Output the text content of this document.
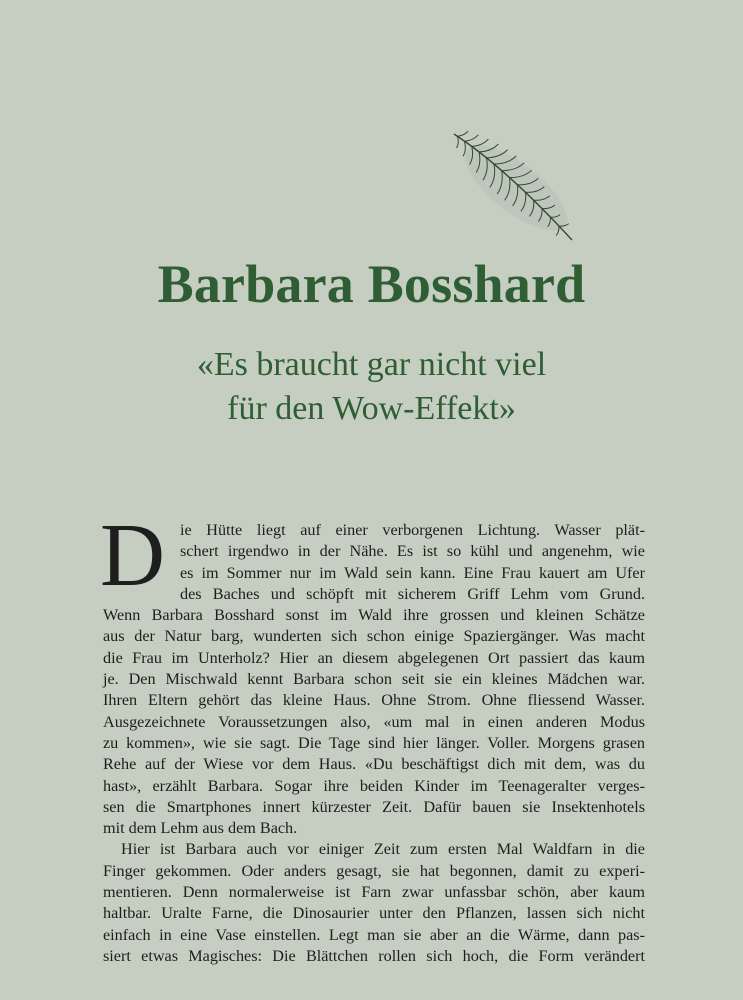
Barbara Bosshard
«Es braucht gar nicht viel
für den Wow-Effekt»
D ie Hütte liegt auf einer verborgenen Lichtung. Wasser plät-
schert irgendwo in der Nähe. Es ist so kühl und angenehm, wie
es im Sommer nur im Wald sein kann. Eine Frau kauert am Ufer
des Baches und schöpft mit sicherem Griff Lehm vom Grund.
Wenn Barbara Bosshard sonst im Wald ihre grossen und kleinen Schätze
aus der Natur barg, wunderten sich schon einige Spaziergänger. Was macht
die Frau im Unterholz? Hier an diesem abgelegenen Ort passiert das kaum
je. Den Mischwald kennt Barbara schon seit sie ein kleines Mädchen war.
Ihren Eltern gehört das kleine Haus. Ohne Strom. Ohne fliessend Wasser.
Ausgezeichnete Voraussetzungen also, «um mal in einen anderen Modus
zu kommen», wie sie sagt. Die Tage sind hier länger. Voller. Morgens grasen
Rehe auf der Wiese vor dem Haus. «Du beschäftigst dich mit dem, was du
hast», erzählt Barbara. Sogar ihre beiden Kinder im Teenageralter verges-
sen die Smartphones innert kürzester Zeit. Dafür bauen sie Insektenhotels
mit dem Lehm aus dem Bach.
Hier ist Barbara auch vor einiger Zeit zum ersten Mal Waldfarn in die
Finger gekommen. Oder anders gesagt, sie hat begonnen, damit zu experi-
mentieren. Denn normalerweise ist Farn zwar unfassbar schön, aber kaum
haltbar. Uralte Farne, die Dinosaurier unter den Pflanzen, lassen sich nicht
einfach in eine Vase einstellen. Legt man sie aber an die Wärme, dann pas-
siert etwas Magisches: Die Blättchen rollen sich hoch, die Form verändert
